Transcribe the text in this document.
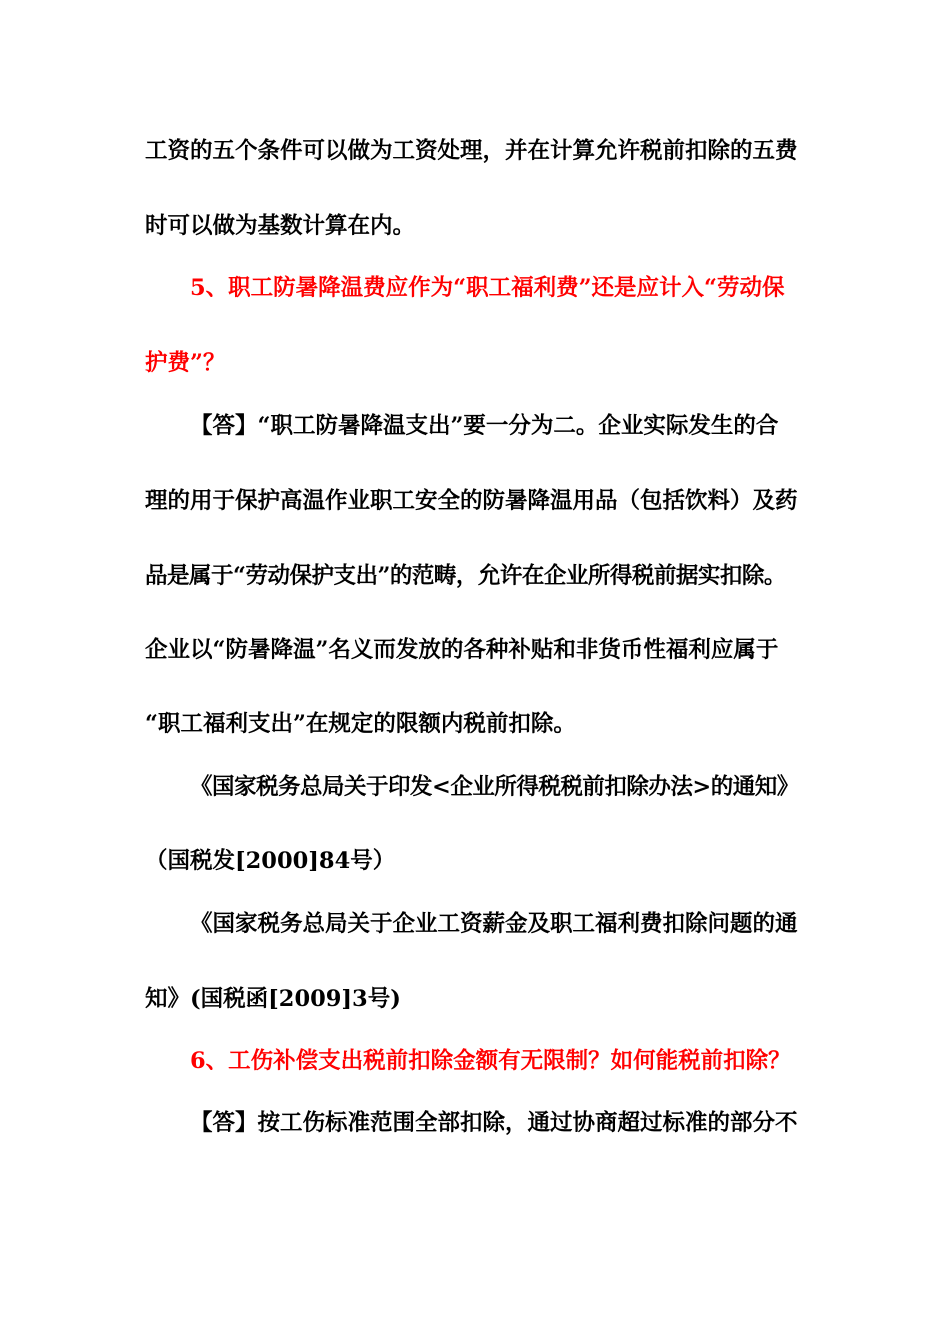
工资的五个条件可以做为工资处理，并在计算允许税前扣除的五费

时可以做为基数计算在内。

5、职工防暑降温费应作为“职工福利费”还是应计入“劳动保

护费”？

【答】“职工防暑降温支出”要一分为二。企业实际发生的合

理的用于保护高温作业职工安全的防暑降温用品（包括饮料）及药

品是属于“劳动保护支出”的范畴，允许在企业所得税前据实扣除。

企业以“防暑降温”名义而发放的各种补贴和非货币性福利应属于

“职工福利支出”在规定的限额内税前扣除。

《国家税务总局关于印发<企业所得税税前扣除办法>的通知》

（国税发[2000]84号）

《国家税务总局关于企业工资薪金及职工福利费扣除问题的通

知》(国税函[2009]3号)

6、工伤补偿支出税前扣除金额有无限制？如何能税前扣除？

【答】按工伤标准范围全部扣除，通过协商超过标准的部分不
